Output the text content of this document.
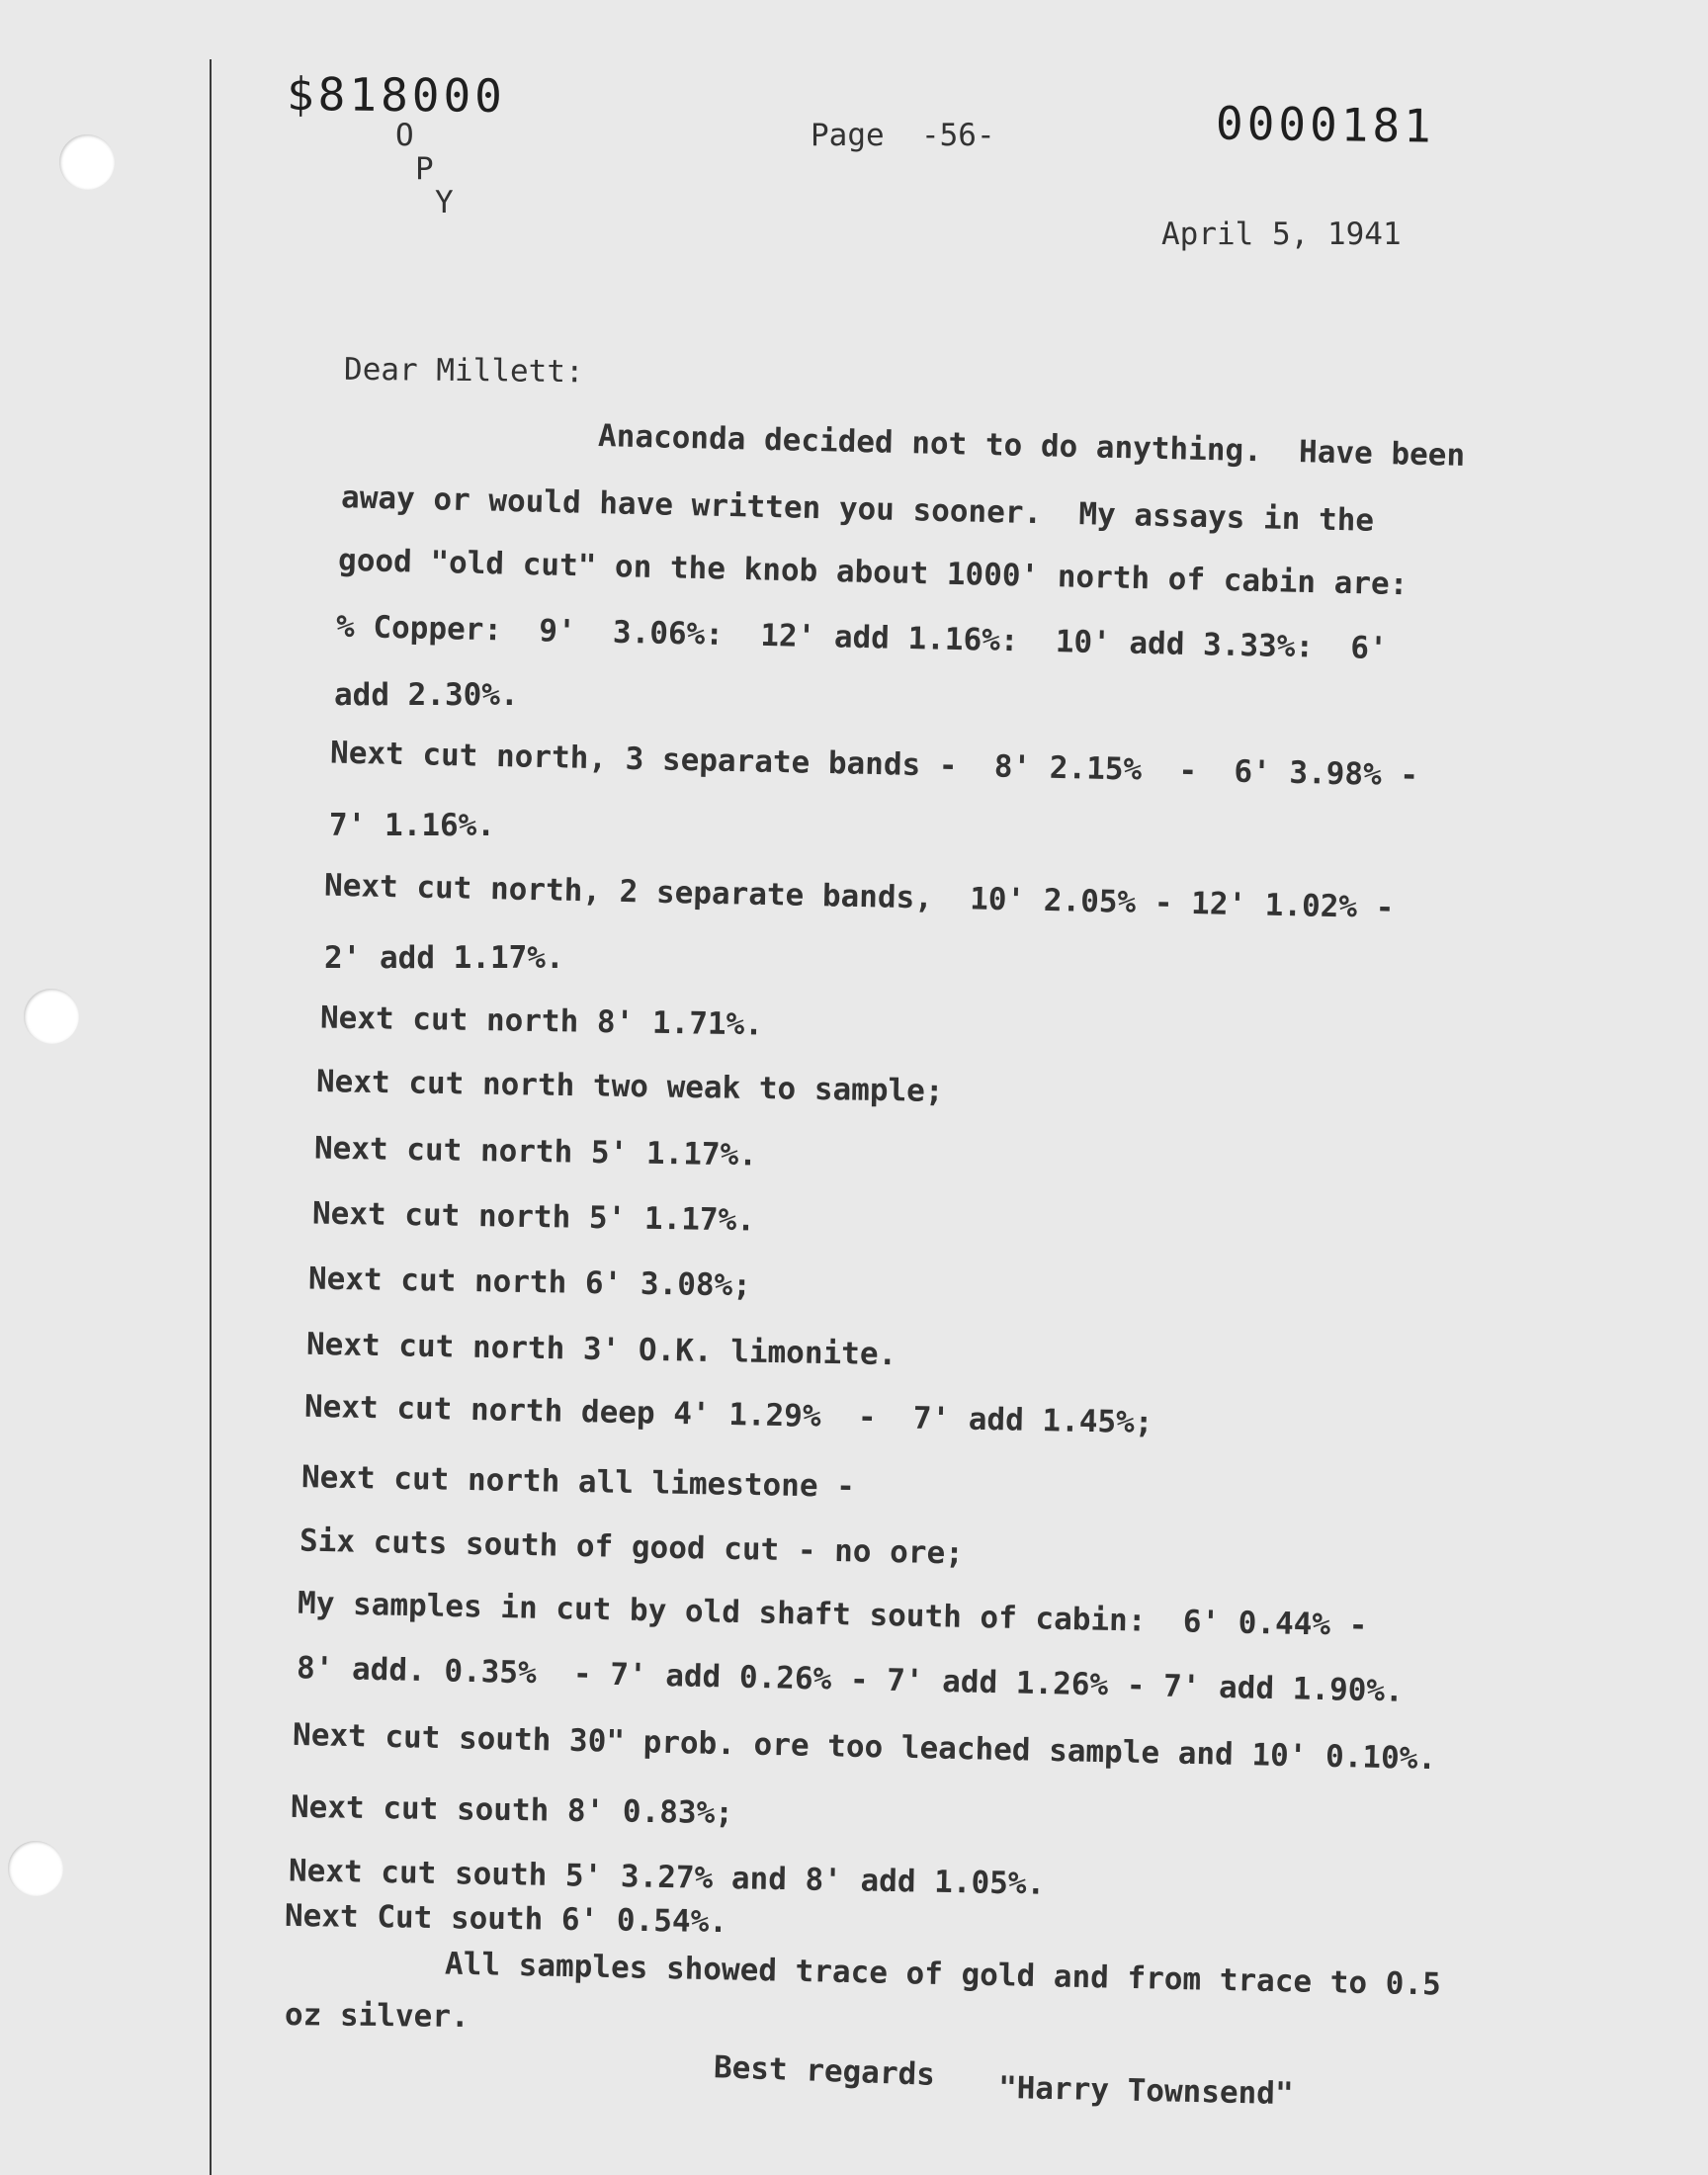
$818000
O
P
Y
Page  -56-	0000181
April 5, 1941
Dear Millett:
Anaconda decided not to do anything.  Have been
away or would have written you sooner.  My assays in the
good "old cut" on the knob about 1000' north of cabin are:
% Copper:  9'  3.06%:  12' add 1.16%:  10' add 3.33%:  6'
add 2.30%.
Next cut north, 3 separate bands -  8' 2.15%  -  6' 3.98% -
7' 1.16%.
Next cut north, 2 separate bands,  10' 2.05% - 12' 1.02% -
2' add 1.17%.
Next cut north 8' 1.71%.
Next cut north two weak to sample;
Next cut north 5' 1.17%.
Next cut north 5' 1.17%.
Next cut north 6' 3.08%;
Next cut north 3' O.K. limonite.
Next cut north deep 4' 1.29%  -  7' add 1.45%;
Next cut north all limestone -
Six cuts south of good cut - no ore;
My samples in cut by old shaft south of cabin:  6' 0.44% -
8' add. 0.35%  - 7' add 0.26% - 7' add 1.26% - 7' add 1.90%.
Next cut south 30" prob. ore too leached sample and 10' 0.10%.
Next cut south 8' 0.83%;
Next cut south 5' 3.27% and 8' add 1.05%.
Next Cut south 6' 0.54%.
All samples showed trace of gold and from trace to 0.5
oz silver.
Best regards "Harry Townsend"
